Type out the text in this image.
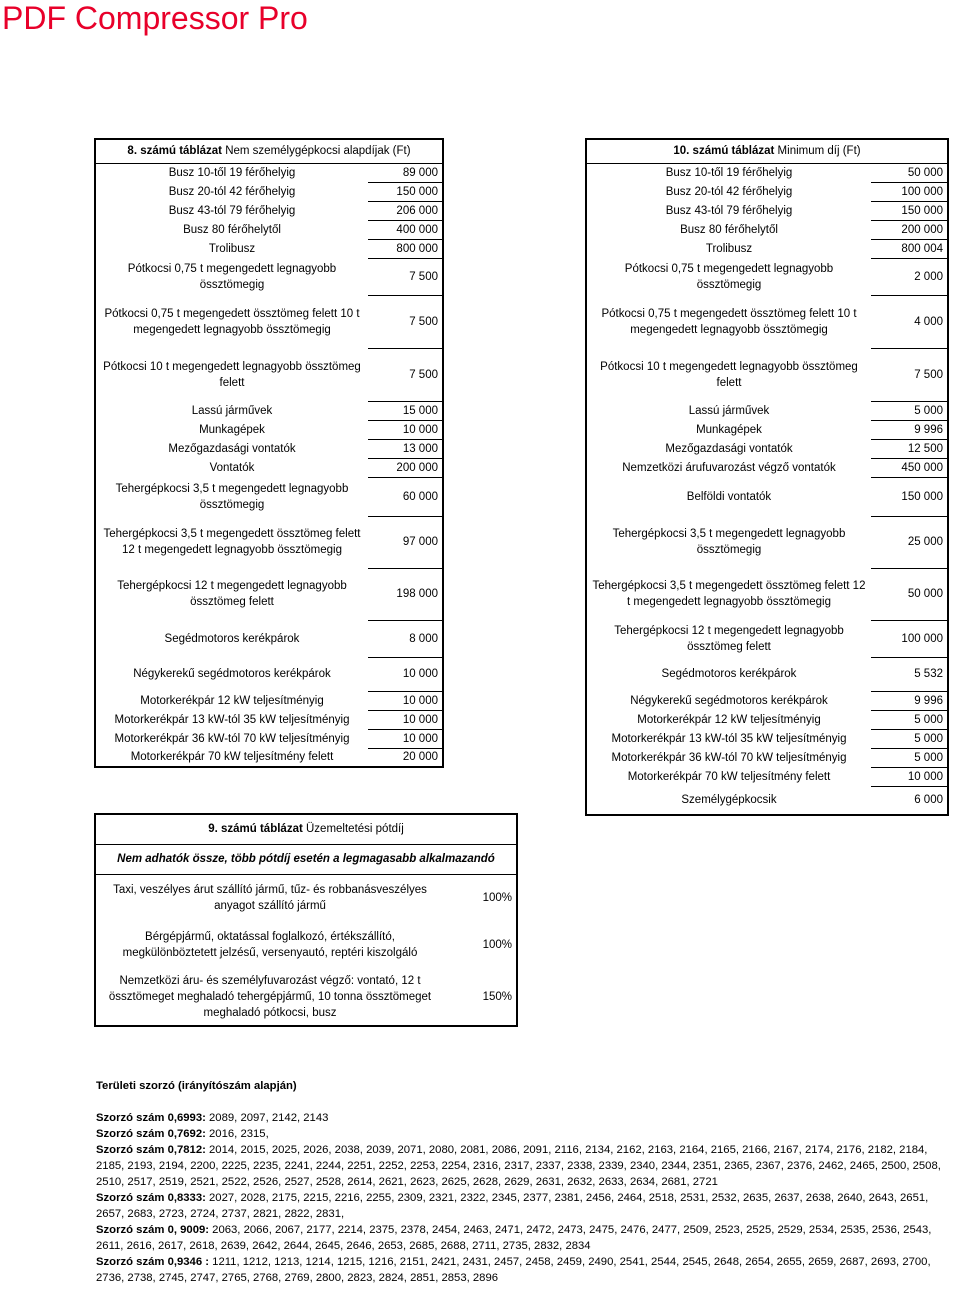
PDF Compressor Pro
8. számú táblázat Nem személygépkocsi alapdíjak (Ft)	
Busz 10-től 19 férőhelyig	89 000
Busz 20-tól 42 férőhelyig	150 000
Busz 43-tól 79 férőhelyig	206 000
Busz 80 férőhelytől	400 000
Trolibusz	800 000
Pótkocsi 0,75 t megengedett legnagyobb össztömegig	7 500
Pótkocsi 0,75 t megengedett össztömeg felett 10 t megengedett legnagyobb össztömegig	7 500
Pótkocsi 10 t megengedett legnagyobb össztömeg felett	7 500
Lassú járművek	15 000
Munkagépek	10 000
Mezőgazdasági vontatók	13 000
Vontatók	200 000
Tehergépkocsi 3,5 t megengedett legnagyobb össztömegig	60 000
Tehergépkocsi 3,5 t megengedett össztömeg felett 12 t megengedett legnagyobb össztömegig	97 000
Tehergépkocsi 12 t megengedett legnagyobb össztömeg felett	198 000
Segédmotoros kerékpárok	8 000
Négykerekű segédmotoros kerékpárok	10 000
Motorkerékpár 12 kW teljesítményig	10 000
Motorkerékpár 13 kW-tól 35 kW teljesítményig	10 000
Motorkerékpár 36 kW-tól 70 kW teljesítményig	10 000
Motorkerékpár 70 kW teljesítmény felett	20 000
10. számú táblázat Minimum díj (Ft)	
Busz 10-től 19 férőhelyig	50 000
Busz 20-tól 42 férőhelyig	100 000
Busz 43-tól 79 férőhelyig	150 000
Busz 80 férőhelytől	200 000
Trolibusz	800 004
Pótkocsi 0,75 t megengedett legnagyobb össztömegig	2 000
Pótkocsi 0,75 t megengedett össztömeg felett 10 t megengedett legnagyobb össztömegig	4 000
Pótkocsi 10 t megengedett legnagyobb össztömeg felett	7 500
Lassú járművek	5 000
Munkagépek	9 996
Mezőgazdasági vontatók	12 500
Nemzetközi árufuvarozást végző vontatók	450 000
Belföldi vontatók	150 000
Tehergépkocsi 3,5 t megengedett legnagyobb össztömegig	25 000
Tehergépkocsi 3,5 t megengedett össztömeg felett 12 t megengedett legnagyobb össztömegig	50 000
Tehergépkocsi 12 t megengedett legnagyobb össztömeg felett	100 000
Segédmotoros kerékpárok	5 532
Négykerekű segédmotoros kerékpárok	9 996
Motorkerékpár 12 kW teljesítményig	5 000
Motorkerékpár 13 kW-tól 35 kW teljesítményig	5 000
Motorkerékpár 36 kW-tól 70 kW teljesítményig	5 000
Motorkerékpár 70 kW teljesítmény felett	10 000
Személygépkocsik	6 000
9. számú táblázat Üzemeltetési pótdíj	
Nem adhatók össze, több pótdíj esetén a legmagasabb alkalmazandó	
Taxi, veszélyes árut szállító jármű, tűz- és robbanásveszélyes anyagot szállító jármű	100%
Bérgépjármű, oktatással foglalkozó, értékszállító, megkülönböztetett jelzésű, versenyautó, reptéri kiszolgáló	100%
Nemzetközi áru- és személyfuvarozást végző: vontató, 12 t össztömeget meghaladó tehergépjármű, 10 tonna össztömeget meghaladó pótkocsi, busz	150%
Területi szorzó (irányítószám alapján)
Szorzó szám 0,6993: 2089, 2097, 2142, 2143
Szorzó szám 0,7692: 2016, 2315,
Szorzó szám 0,7812: 2014, 2015, 2025, 2026, 2038, 2039, 2071, 2080, 2081, 2086, 2091, 2116, 2134, 2162, 2163, 2164, 2165, 2166, 2167, 2174, 2176, 2182, 2184, 2185, 2193, 2194, 2200, 2225, 2235, 2241, 2244, 2251, 2252, 2253, 2254, 2316, 2317, 2337, 2338, 2339, 2340, 2344, 2351, 2365, 2367, 2376, 2462, 2465, 2500, 2508, 2510, 2517, 2519, 2521, 2522, 2526, 2527, 2528, 2614, 2621, 2623, 2625, 2628, 2629, 2631, 2632, 2633, 2634, 2681, 2721
Szorzó szám 0,8333: 2027, 2028, 2175, 2215, 2216, 2255, 2309, 2321, 2322, 2345, 2377, 2381, 2456, 2464, 2518, 2531, 2532, 2635, 2637, 2638, 2640, 2643, 2651, 2657, 2683, 2723, 2724, 2737, 2821, 2822, 2831,
Szorzó szám 0, 9009: 2063, 2066, 2067, 2177, 2214, 2375, 2378, 2454, 2463, 2471, 2472, 2473, 2475, 2476, 2477, 2509, 2523, 2525, 2529, 2534, 2535, 2536, 2543, 2611, 2616, 2617, 2618, 2639, 2642, 2644, 2645, 2646, 2653, 2685, 2688, 2711, 2735, 2832, 2834
Szorzó szám 0,9346 : 1211, 1212, 1213, 1214, 1215, 1216, 2151, 2421, 2431, 2457, 2458, 2459, 2490, 2541, 2544, 2545, 2648, 2654, 2655, 2659, 2687, 2693, 2700, 2736, 2738, 2745, 2747, 2765, 2768, 2769, 2800, 2823, 2824, 2851, 2853, 2896
